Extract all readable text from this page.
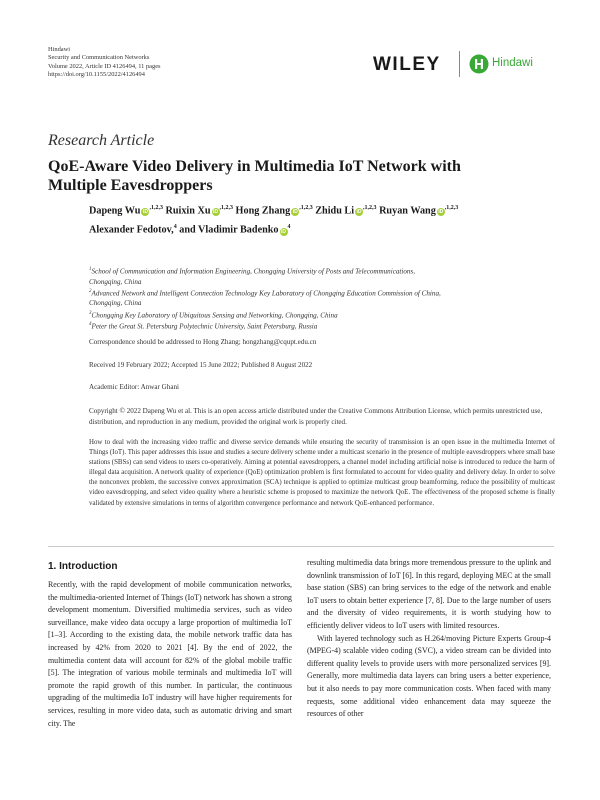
Hindawi
Security and Communication Networks
Volume 2022, Article ID 4126494, 11 pages
https://doi.org/10.1155/2022/4126494	WILEY	Hindawi
Research Article
QoE-Aware Video Delivery in Multimedia IoT Network with Multiple Eavesdroppers
Dapeng Wu $iD^{,1,2,3}$ Ruixin Xu $iD^{,1,2,3}$ Hong Zhang $iD^{,1,2,3}$ Zhidu Li $iD^{,1,2,3}$ Ruyan Wang $iD^{,1,2,3}$
Alexander Fedotov,$^4$ and Vladimir Badenko $iD^4$
$^1$School of Communication and Information Engineering, Chongqing University of Posts and Telecommunications,
Chongqing, China
$^2$Advanced Network and Intelligent Connection Technology Key Laboratory of Chongqing Education Commission of China,
Chongqing, China
$^3$Chongqing Key Laboratory of Ubiquitous Sensing and Networking, Chongqing, China
$^4$Peter the Great St. Petersburg Polytechnic University, Saint Petersburg, Russia
Correspondence should be addressed to Hong Zhang; hongzhang@cqupt.edu.cn
Received 19 February 2022; Accepted 15 June 2022; Published 8 August 2022
Academic Editor: Anwar Ghani
Copyright © 2022 Dapeng Wu et al. This is an open access article distributed under the Creative Commons Attribution License, which permits unrestricted use, distribution, and reproduction in any medium, provided the original work is properly cited.
How to deal with the increasing video traffic and diverse service demands while ensuring the security of transmission is an open issue in the multimedia Internet of Things (IoT). This paper addresses this issue and studies a secure delivery scheme under a multicast scenario in the presence of multiple eavesdroppers where small base stations (SBSs) can send videos to users co-operatively. Aiming at potential eavesdroppers, a channel model including artificial noise is introduced to reduce the harm of illegal data acquisition. A network quality of experience (QoE) optimization problem is first formulated to account for video quality and delivery delay. In order to solve the nonconvex problem, the successive convex approximation (SCA) technique is applied to optimize multicast group beamforming, reduce the possibility of multicast video eavesdropping, and select video quality where a heuristic scheme is proposed to maximize the network QoE. The effectiveness of the proposed scheme is finally validated by extensive simulations in terms of algorithm convergence performance and network QoE-enhanced performance.
1. Introduction

Recently, with the rapid development of mobile communication networks, the multimedia-oriented Internet of Things (IoT) network has shown a strong development momentum. Diversified multimedia services, such as video surveillance, make video data occupy a large proportion of multimedia IoT [1–3]. According to the existing data, the mobile network traffic data has increased by 42% from 2020 to 2021 [4]. By the end of 2022, the multimedia content data will account for 82% of the global mobile traffic [5]. The integration of various mobile terminals and multimedia IoT will promote the rapid growth of this number. In particular, the continuous upgrading of the multimedia IoT industry will have higher requirements for services, resulting in more video data, such as automatic driving and smart city. The

resulting multimedia data brings more tremendous pressure to the uplink and downlink transmission of IoT [6]. In this regard, deploying MEC at the small base station (SBS) can bring services to the edge of the network and enable IoT users to obtain better experience [7, 8]. Due to the large number of users and the diversity of video requirements, it is worth studying how to efficiently deliver videos to IoT users with limited resources.

With layered technology such as H.264/moving Picture Experts Group-4 (MPEG-4) scalable video coding (SVC), a video stream can be divided into different quality levels to provide users with more personalized services [9]. Generally, more multimedia data layers can bring users a better experience, but it also needs to pay more communication costs. When faced with many requests, some additional video enhancement data may squeeze the resources of other
